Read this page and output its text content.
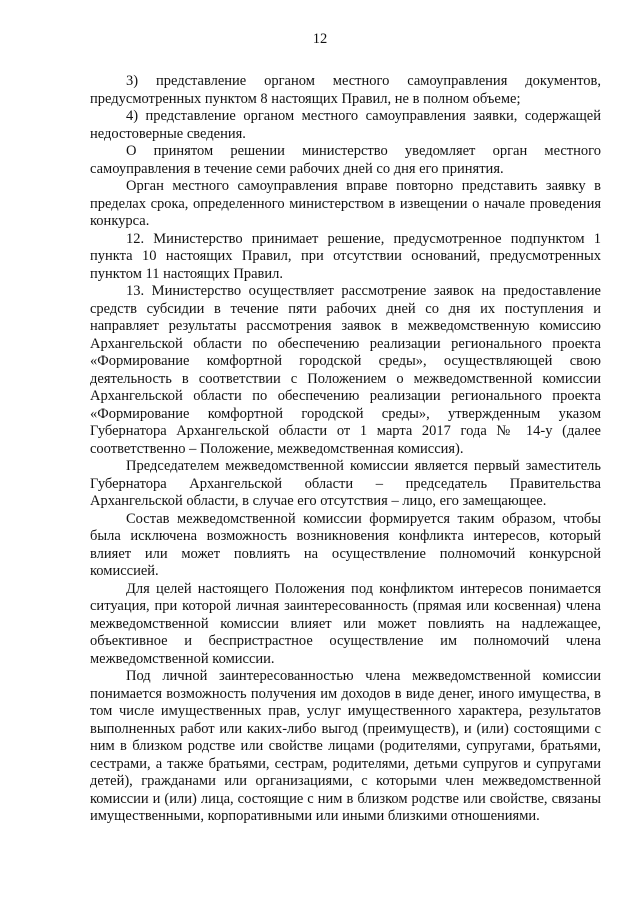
12

3) представление органом местного самоуправления документов, предусмотренных пунктом 8 настоящих Правил, не в полном объеме;

4) представление органом местного самоуправления заявки, содержащей недостоверные сведения.

О принятом решении министерство уведомляет орган местного самоуправления в течение семи рабочих дней со дня его принятия.

Орган местного самоуправления вправе повторно представить заявку в пределах срока, определенного министерством в извещении о начале проведения конкурса.

12. Министерство принимает решение, предусмотренное подпунктом 1 пункта 10 настоящих Правил, при отсутствии оснований, предусмотренных пунктом 11 настоящих Правил.

13. Министерство осуществляет рассмотрение заявок на предоставление средств субсидии в течение пяти рабочих дней со дня их поступления и направляет результаты рассмотрения заявок в межведомственную комиссию Архангельской области по обеспечению реализации регионального проекта «Формирование комфортной городской среды», осуществляющей свою деятельность в соответствии с Положением о межведомственной комиссии Архангельской области по обеспечению реализации регионального проекта «Формирование комфортной городской среды», утвержденным указом Губернатора Архангельской области от 1 марта 2017 года № 14-у (далее соответственно – Положение, межведомственная комиссия).

Председателем межведомственной комиссии является первый заместитель Губернатора Архангельской области – председатель Правительства Архангельской области, в случае его отсутствия – лицо, его замещающее.

Состав межведомственной комиссии формируется таким образом, чтобы была исключена возможность возникновения конфликта интересов, который влияет или может повлиять на осуществление полномочий конкурсной комиссией.

Для целей настоящего Положения под конфликтом интересов понимается ситуация, при которой личная заинтересованность (прямая или косвенная) члена межведомственной комиссии влияет или может повлиять на надлежащее, объективное и беспристрастное осуществление им полномочий члена межведомственной комиссии.

Под личной заинтересованностью члена межведомственной комиссии понимается возможность получения им доходов в виде денег, иного имущества, в том числе имущественных прав, услуг имущественного характера, результатов выполненных работ или каких-либо выгод (преимуществ), и (или) состоящими с ним в близком родстве или свойстве лицами (родителями, супругами, братьями, сестрами, а также братьями, сестрам, родителями, детьми супругов и супругами детей), гражданами или организациями, с которыми член межведомственной комиссии и (или) лица, состоящие с ним в близком родстве или свойстве, связаны имущественными, корпоративными или иными близкими отношениями.
